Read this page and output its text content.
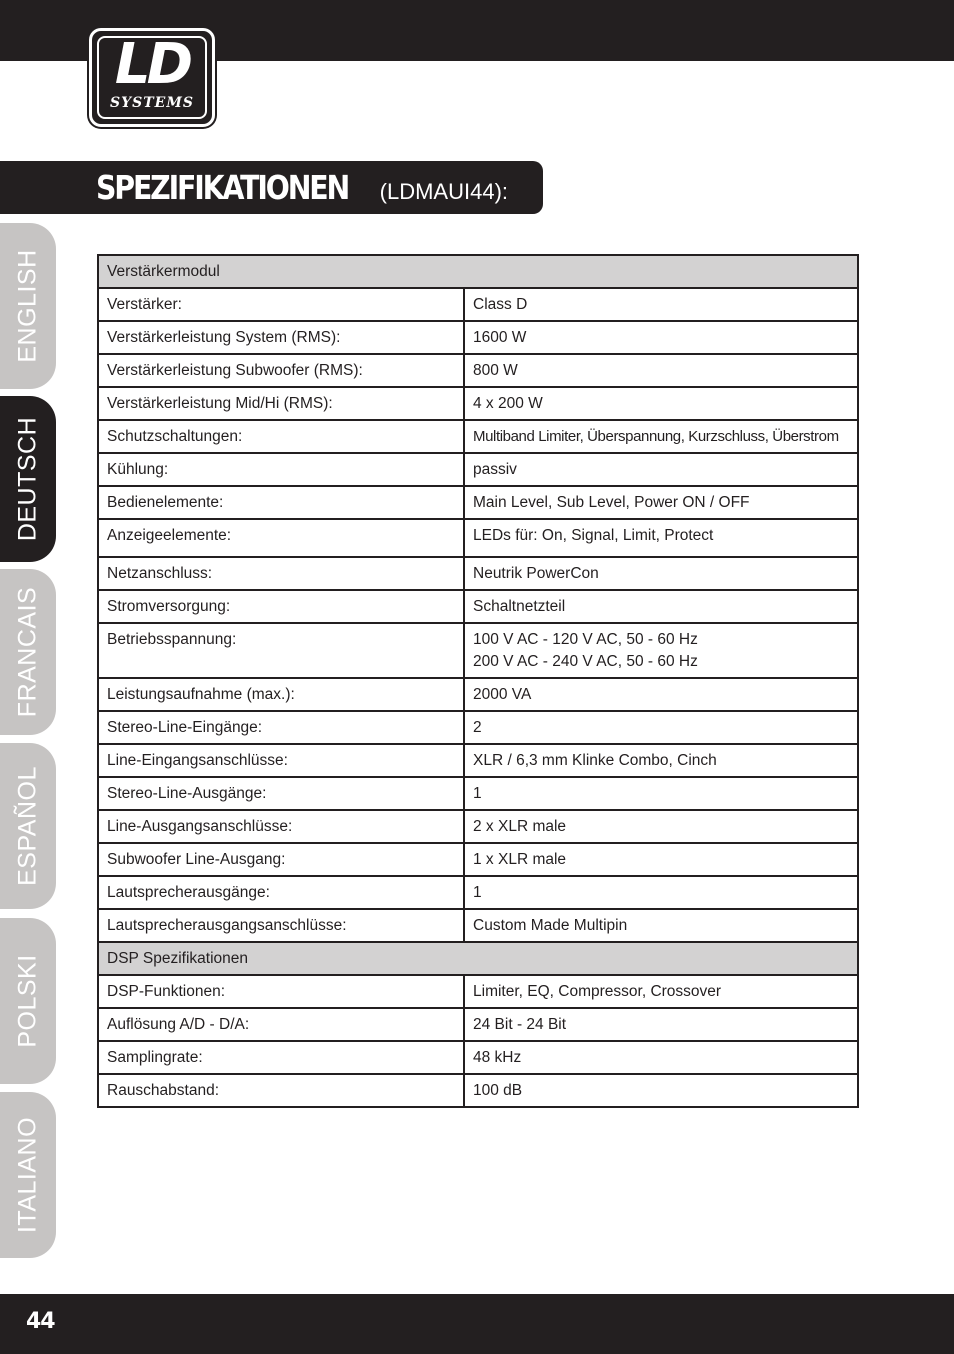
LD
SYSTEMS
SPEZIFIKATIONEN (LDMAUI44):
ENGLISH
DEUTSCH
FRANCAIS
ESPAÑOL
POLSKI
ITALIANO
Verstärkermodul	
Verstärker:	Class D
Verstärkerleistung System (RMS):	1600 W
Verstärkerleistung Subwoofer (RMS):	800 W
Verstärkerleistung Mid/Hi (RMS):	4 x 200 W
Schutzschaltungen:	Multiband Limiter, Überspannung, Kurzschluss, Überstrom
Kühlung:	passiv
Bedienelemente:	Main Level, Sub Level, Power ON / OFF
Anzeigeelemente:	LEDs für: On, Signal, Limit, Protect
Netzanschluss:	Neutrik PowerCon
Stromversorgung:	Schaltnetzteil
Betriebsspannung:	100 V AC - 120 V AC, 50 - 60 Hz
200 V AC - 240 V AC, 50 - 60 Hz

Leistungsaufnahme (max.):	2000 VA
Stereo-Line-Eingänge:	2
Line-Eingangsanschlüsse:	XLR / 6,3 mm Klinke Combo, Cinch
Stereo-Line-Ausgänge:	1
Line-Ausgangsanschlüsse:	2 x XLR male
Subwoofer Line-Ausgang:	1 x XLR male
Lautsprecherausgänge:	1
Lautsprecherausgangsanschlüsse:	Custom Made Multipin
DSP Spezifikationen	
DSP-Funktionen:	Limiter, EQ, Compressor, Crossover
Auflösung A/D - D/A:	24 Bit - 24 Bit
Samplingrate:	48 kHz
Rauschabstand:	100 dB
44
